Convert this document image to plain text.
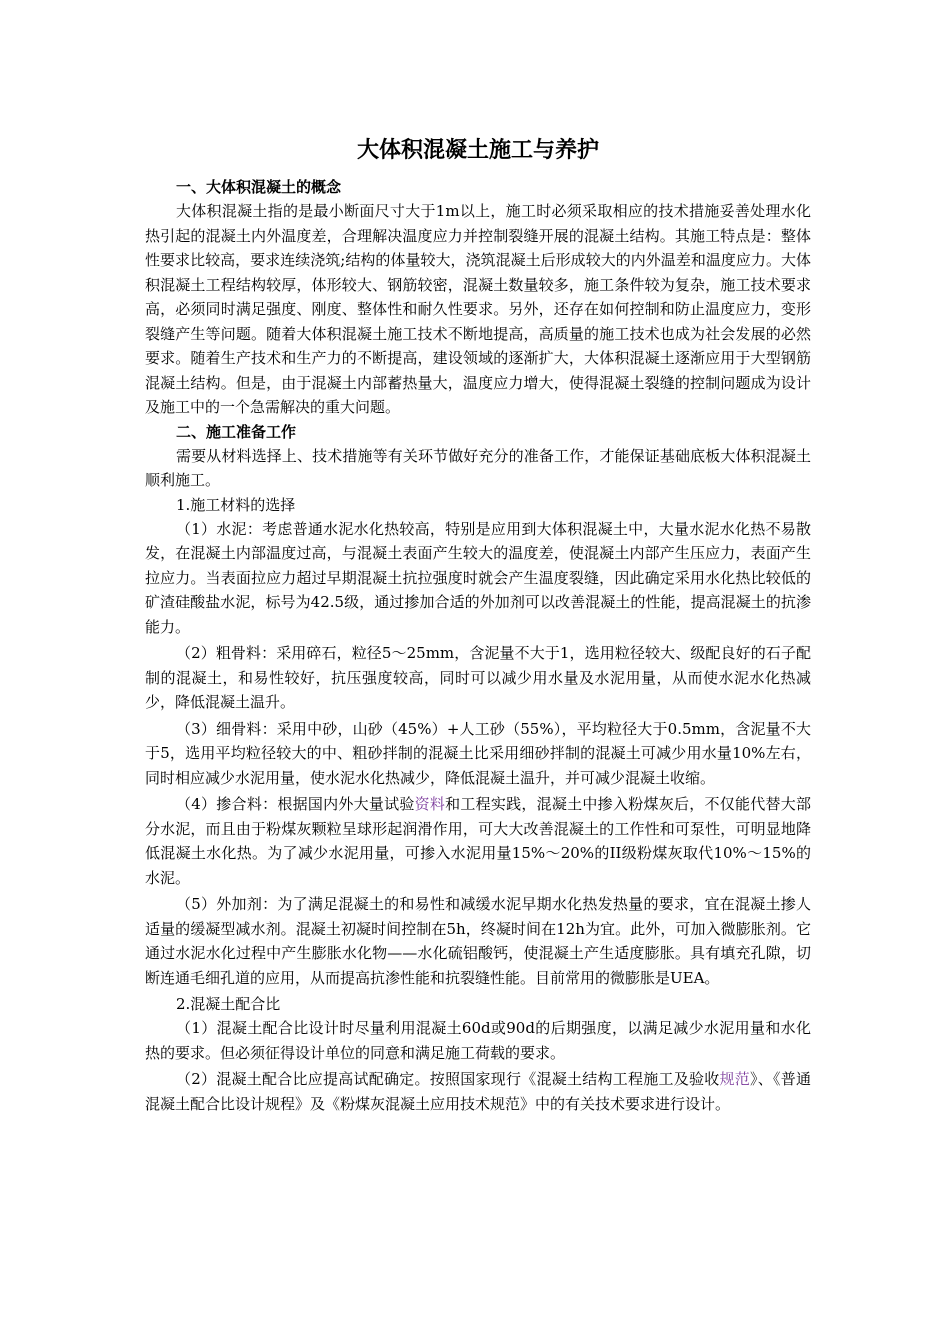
大体积混凝土施工与养护
一、大体积混凝土的概念

大体积混凝土指的是最小断面尺寸大于1m以上，施工时必须采取相应的技术措施妥善处理水化热引起的混凝土内外温度差，合理解决温度应力并控制裂缝开展的混凝土结构。其施工特点是：整体性要求比较高，要求连续浇筑;结构的体量较大，浇筑混凝土后形成较大的内外温差和温度应力。大体积混凝土工程结构较厚，体形较大、钢筋较密，混凝土数量较多，施工条件较为复杂，施工技术要求高，必须同时满足强度、刚度、整体性和耐久性要求。另外，还存在如何控制和防止温度应力，变形裂缝产生等问题。随着大体积混凝土施工技术不断地提高，高质量的施工技术也成为社会发展的必然要求。随着生产技术和生产力的不断提高，建设领域的逐渐扩大，大体积混凝土逐渐应用于大型钢筋混凝土结构。但是，由于混凝土内部蓄热量大，温度应力增大，使得混凝土裂缝的控制问题成为设计及施工中的一个急需解决的重大问题。

二、施工准备工作

需要从材料选择上、技术措施等有关环节做好充分的准备工作，才能保证基础底板大体积混凝土顺利施工。

1.施工材料的选择

（1）水泥：考虑普通水泥水化热较高，特别是应用到大体积混凝土中，大量水泥水化热不易散发，在混凝土内部温度过高，与混凝土表面产生较大的温度差，使混凝土内部产生压应力，表面产生拉应力。当表面拉应力超过早期混凝土抗拉强度时就会产生温度裂缝，因此确定采用水化热比较低的矿渣硅酸盐水泥，标号为42.5级，通过掺加合适的外加剂可以改善混凝土的性能，提高混凝土的抗渗能力。

（2）粗骨料：采用碎石，粒径5～25mm，含泥量不大于1，选用粒径较大、级配良好的石子配制的混凝土，和易性较好，抗压强度较高，同时可以减少用水量及水泥用量，从而使水泥水化热减少，降低混凝土温升。

（3）细骨料：采用中砂，山砂（45%）+人工砂（55%），平均粒径大于0.5mm，含泥量不大于5，选用平均粒径较大的中、粗砂拌制的混凝土比采用细砂拌制的混凝土可减少用水量10%左右，同时相应减少水泥用量，使水泥水化热减少，降低混凝土温升，并可减少混凝土收缩。

（4）掺合料：根据国内外大量试验资料和工程实践，混凝土中掺入粉煤灰后，不仅能代替大部分水泥，而且由于粉煤灰颗粒呈球形起润滑作用，可大大改善混凝土的工作性和可泵性，可明显地降低混凝土水化热。为了减少水泥用量，可掺入水泥用量15%～20%的II级粉煤灰取代10%～15%的水泥。

（5）外加剂：为了满足混凝土的和易性和减缓水泥早期水化热发热量的要求，宜在混凝土掺人适量的缓凝型减水剂。混凝土初凝时间控制在5h，终凝时间在12h为宜。此外，可加入微膨胀剂。它通过水泥水化过程中产生膨胀水化物——水化硫铝酸钙，使混凝土产生适度膨胀。具有填充孔隙，切断连通毛细孔道的应用，从而提高抗渗性能和抗裂缝性能。目前常用的微膨胀是UEA。

2.混凝土配合比

（1）混凝土配合比设计时尽量利用混凝土60d或90d的后期强度，以满足减少水泥用量和水化热的要求。但必须征得设计单位的同意和满足施工荷载的要求。

（2）混凝土配合比应提高试配确定。按照国家现行《混凝土结构工程施工及验收规范》、《普通混凝土配合比设计规程》及《粉煤灰混凝土应用技术规范》中的有关技术要求进行设计。
